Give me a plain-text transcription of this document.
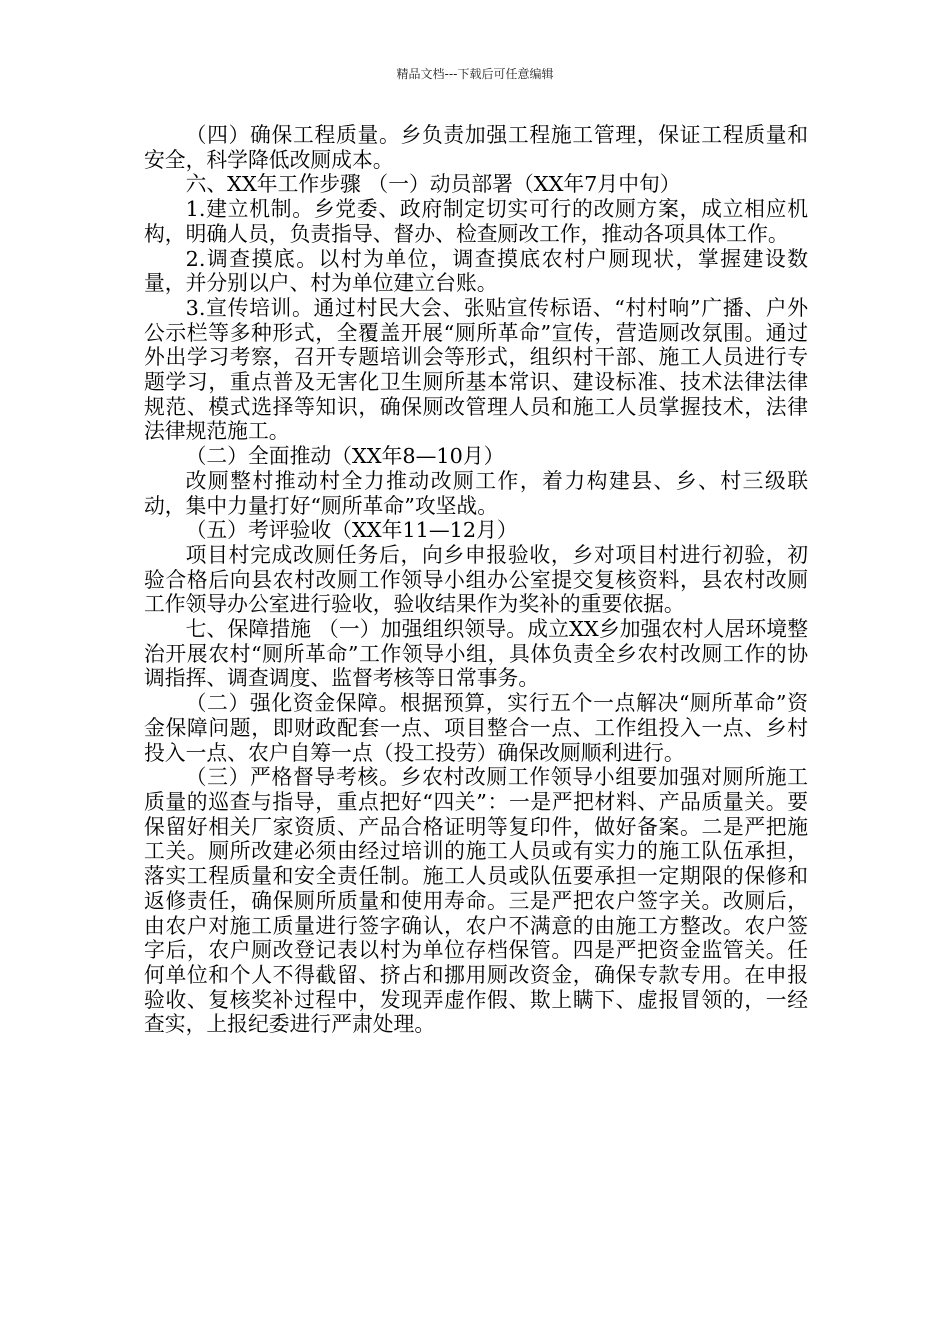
精品文档---下载后可任意编辑

（四）确保工程质量。乡负责加强工程施工管理，保证工程质量和安全，科学降低改厕成本。

六、XX年工作步骤 （一）动员部署（XX年7月中旬）

1.建立机制。乡党委、政府制定切实可行的改厕方案，成立相应机构，明确人员，负责指导、督办、检查厕改工作，推动各项具体工作。

2.调查摸底。以村为单位，调查摸底农村户厕现状，掌握建设数量，并分别以户、村为单位建立台账。

3.宣传培训。通过村民大会、张贴宣传标语、“村村响”广播、户外公示栏等多种形式，全覆盖开展“厕所革命”宣传，营造厕改氛围。通过外出学习考察，召开专题培训会等形式，组织村干部、施工人员进行专题学习，重点普及无害化卫生厕所基本常识、建设标准、技术法律法律规范、模式选择等知识，确保厕改管理人员和施工人员掌握技术，法律法律规范施工。

（二）全面推动（XX年8—10月）

改厕整村推动村全力推动改厕工作，着力构建县、乡、村三级联动，集中力量打好“厕所革命”攻坚战。

（五）考评验收（XX年11—12月）

项目村完成改厕任务后，向乡申报验收，乡对项目村进行初验，初验合格后向县农村改厕工作领导小组办公室提交复核资料，县农村改厕工作领导办公室进行验收，验收结果作为奖补的重要依据。

七、保障措施 （一）加强组织领导。成立XX乡加强农村人居环境整治开展农村“厕所革命”工作领导小组，具体负责全乡农村改厕工作的协调指挥、调查调度、监督考核等日常事务。

（二）强化资金保障。根据预算，实行五个一点解决“厕所革命”资金保障问题，即财政配套一点、项目整合一点、工作组投入一点、乡村投入一点、农户自筹一点（投工投劳）确保改厕顺利进行。

（三）严格督导考核。乡农村改厕工作领导小组要加强对厕所施工质量的巡查与指导，重点把好“四关”：一是严把材料、产品质量关。要保留好相关厂家资质、产品合格证明等复印件，做好备案。二是严把施工关。厕所改建必须由经过培训的施工人员或有实力的施工队伍承担，落实工程质量和安全责任制。施工人员或队伍要承担一定期限的保修和返修责任，确保厕所质量和使用寿命。三是严把农户签字关。改厕后，由农户对施工质量进行签字确认，农户不满意的由施工方整改。农户签字后，农户厕改登记表以村为单位存档保管。四是严把资金监管关。任何单位和个人不得截留、挤占和挪用厕改资金，确保专款专用。在申报验收、复核奖补过程中，发现弄虚作假、欺上瞒下、虚报冒领的，一经查实，上报纪委进行严肃处理。
